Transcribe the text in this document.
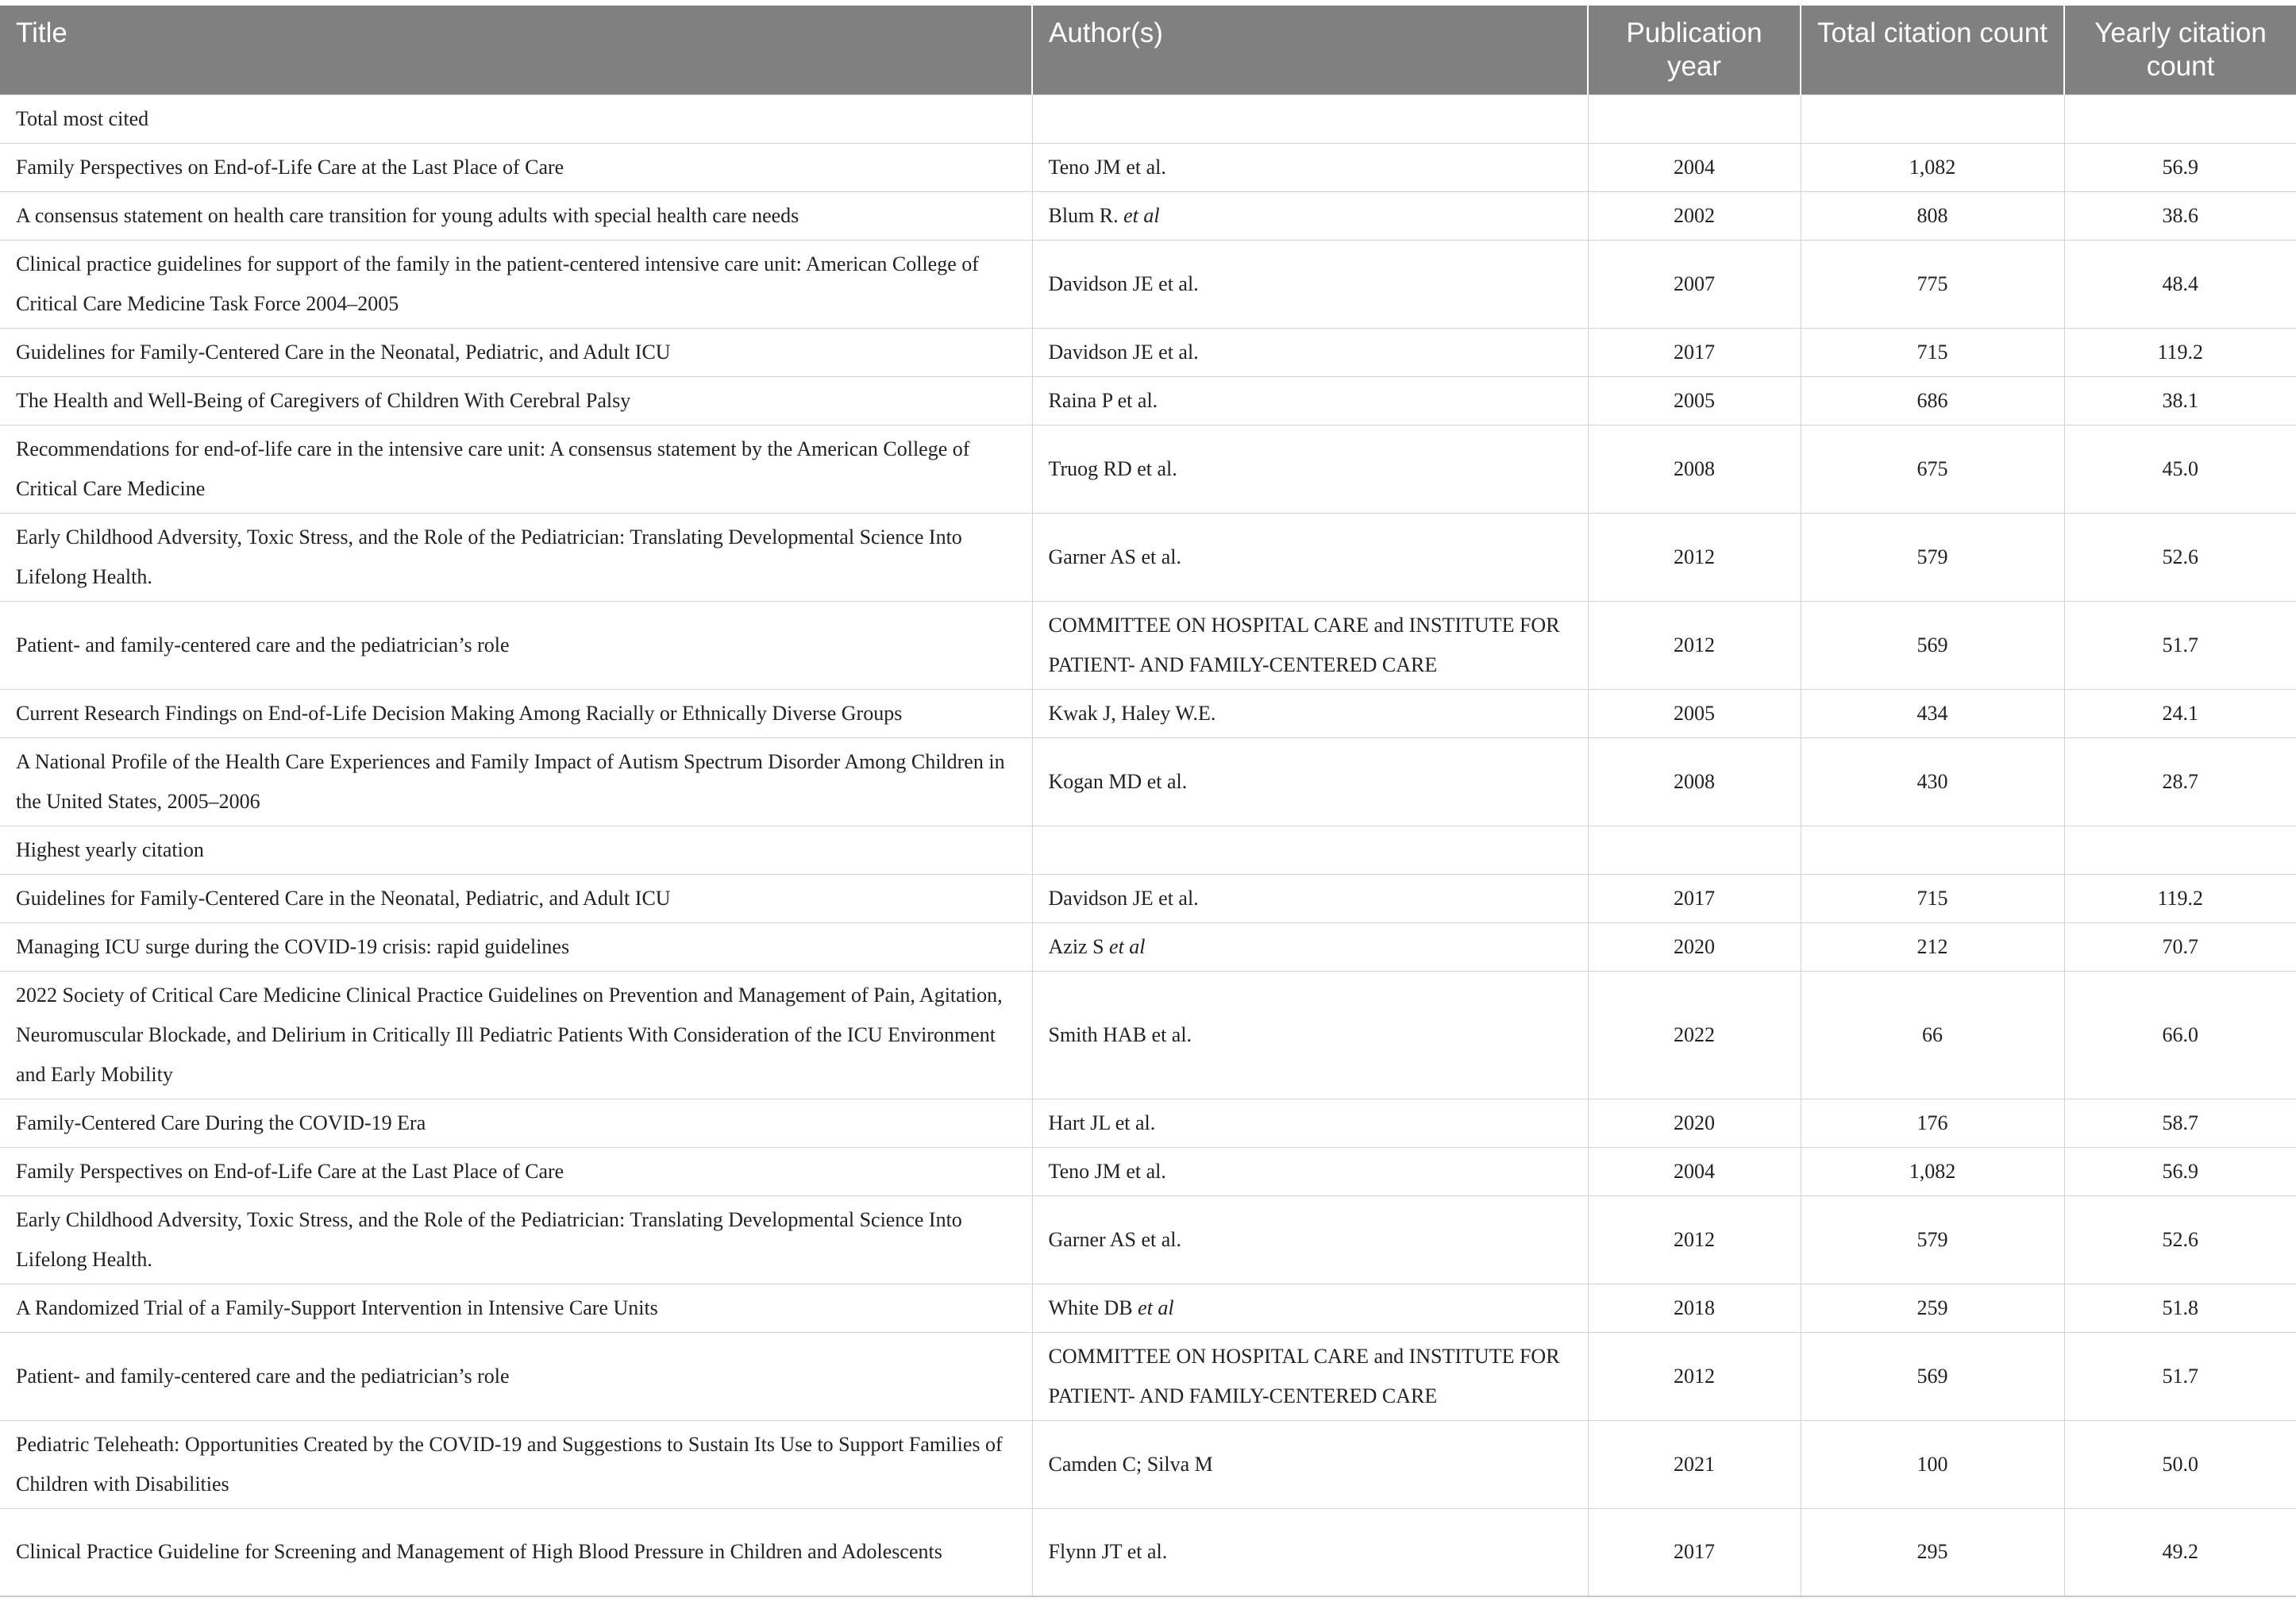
Title	Author(s)	Publication year	Total citation count	Yearly citation count
Total most cited				
Family Perspectives on End-of-Life Care at the Last Place of Care	Teno JM et al.	2004	1,082	56.9
A consensus statement on health care transition for young adults with special health care needs	Blum R. et al	2002	808	38.6
Clinical practice guidelines for support of the family in the patient-centered intensive care unit: American College of Critical Care Medicine Task Force 2004–2005	Davidson JE et al.	2007	775	48.4
Guidelines for Family-Centered Care in the Neonatal, Pediatric, and Adult ICU	Davidson JE et al.	2017	715	119.2
The Health and Well-Being of Caregivers of Children With Cerebral Palsy	Raina P et al.	2005	686	38.1
Recommendations for end-of-life care in the intensive care unit: A consensus statement by the American College of Critical Care Medicine	Truog RD et al.	2008	675	45.0
Early Childhood Adversity, Toxic Stress, and the Role of the Pediatrician: Translating Developmental Science Into Lifelong Health.	Garner AS et al.	2012	579	52.6
Patient- and family-centered care and the pediatrician’s role	COMMITTEE ON HOSPITAL CARE and INSTITUTE FOR PATIENT- AND FAMILY-CENTERED CARE	2012	569	51.7
Current Research Findings on End-of-Life Decision Making Among Racially or Ethnically Diverse Groups	Kwak J, Haley W.E.	2005	434	24.1
A National Profile of the Health Care Experiences and Family Impact of Autism Spectrum Disorder Among Children in the United States, 2005–2006	Kogan MD et al.	2008	430	28.7
Highest yearly citation				
Guidelines for Family-Centered Care in the Neonatal, Pediatric, and Adult ICU	Davidson JE et al.	2017	715	119.2
Managing ICU surge during the COVID-19 crisis: rapid guidelines	Aziz S et al	2020	212	70.7
2022 Society of Critical Care Medicine Clinical Practice Guidelines on Prevention and Management of Pain, Agitation, Neuromuscular Blockade, and Delirium in Critically Ill Pediatric Patients With Consideration of the ICU Environment and Early Mobility	Smith HAB et al.	2022	66	66.0
Family-Centered Care During the COVID-19 Era	Hart JL et al.	2020	176	58.7
Family Perspectives on End-of-Life Care at the Last Place of Care	Teno JM et al.	2004	1,082	56.9
Early Childhood Adversity, Toxic Stress, and the Role of the Pediatrician: Translating Developmental Science Into Lifelong Health.	Garner AS et al.	2012	579	52.6
A Randomized Trial of a Family-Support Intervention in Intensive Care Units	White DB et al	2018	259	51.8
Patient- and family-centered care and the pediatrician’s role	COMMITTEE ON HOSPITAL CARE and INSTITUTE FOR PATIENT- AND FAMILY-CENTERED CARE	2012	569	51.7
Pediatric Teleheath: Opportunities Created by the COVID-19 and Suggestions to Sustain Its Use to Support Families of Children with Disabilities	Camden C; Silva M	2021	100	50.0
Clinical Practice Guideline for Screening and Management of High Blood Pressure in Children and Adolescents	Flynn JT et al.	2017	295	49.2
